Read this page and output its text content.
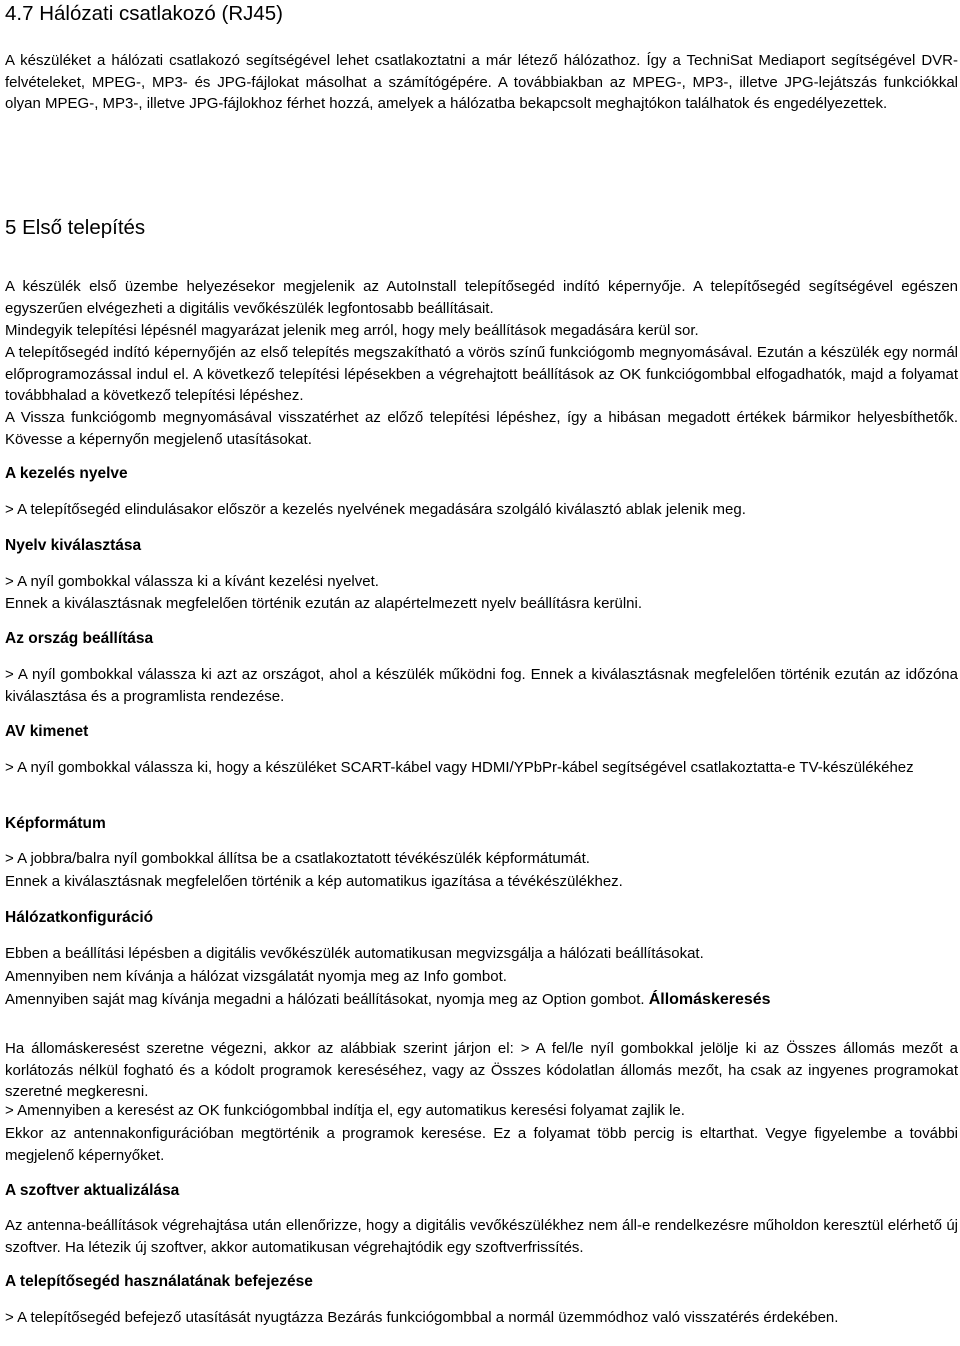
4.7 Hálózati csatlakozó (RJ45)

A készüléket a hálózati csatlakozó segítségével lehet csatlakoztatni a már létező hálózathoz. Így a TechniSat Mediaport segítségével DVR-felvételeket, MPEG-, MP3- és JPG-fájlokat másolhat a számítógépére. A továbbiakban az MPEG-, MP3-, illetve JPG-lejátszás funkciókkal olyan MPEG-, MP3-, illetve JPG-fájlokhoz férhet hozzá, amelyek a hálózatba bekapcsolt meghajtókon találhatok és engedélyezettek.

5 Első telepítés

A készülék első üzembe helyezésekor megjelenik az AutoInstall telepítősegéd indító képernyője. A telepítősegéd segítségével egészen egyszerűen elvégezheti a digitális vevőkészülék legfontosabb beállításait.

Mindegyik telepítési lépésnél magyarázat jelenik meg arról, hogy mely beállítások megadására kerül sor.

A telepítősegéd indító képernyőjén az első telepítés megszakítható a vörös színű funkciógomb megnyomásával. Ezután a készülék egy normál előprogramozással indul el. A következő telepítési lépésekben a végrehajtott beállítások az OK funkciógombbal elfogadhatók, majd a folyamat továbbhalad a következő telepítési lépéshez.

A Vissza funkciógomb megnyomásával visszatérhet az előző telepítési lépéshez, így a hibásan megadott értékek bármikor helyesbíthetők. Kövesse a képernyőn megjelenő utasításokat.

A kezelés nyelve

> A telepítősegéd elindulásakor először a kezelés nyelvének megadására szolgáló kiválasztó ablak jelenik meg.

Nyelv kiválasztása

> A nyíl gombokkal válassza ki a kívánt kezelési nyelvet.

Ennek a kiválasztásnak megfelelően történik ezután az alapértelmezett nyelv beállításra kerülni.

Az ország beállítása

> A nyíl gombokkal válassza ki azt az országot, ahol a készülék működni fog. Ennek a kiválasztásnak megfelelően történik ezután az időzóna kiválasztása és a programlista rendezése.

AV kimenet

> A nyíl gombokkal válassza ki, hogy a készüléket SCART-kábel vagy HDMI/YPbPr-kábel segítségével csatlakoztatta-e TV-készülékéhez

Képformátum

> A jobbra/balra nyíl gombokkal állítsa be a csatlakoztatott tévékészülék képformátumát.

Ennek a kiválasztásnak megfelelően történik a kép automatikus igazítása a tévékészülékhez.

Hálózatkonfiguráció

Ebben a beállítási lépésben a digitális vevőkészülék automatikusan megvizsgálja a hálózati beállításokat.

Amennyiben nem kívánja a hálózat vizsgálatát nyomja meg az Info gombot.

Amennyiben saját mag kívánja megadni a hálózati beállításokat, nyomja meg az Option gombot. Állomáskeresés

Ha állomáskeresést szeretne végezni, akkor az alábbiak szerint járjon el: > A fel/le nyíl gombokkal jelölje ki az Összes állomás mezőt a korlátozás nélkül fogható és a kódolt programok kereséséhez, vagy az Összes kódolatlan állomás mezőt, ha csak az ingyenes programokat szeretné megkeresni.

> Amennyiben a keresést az OK funkciógombbal indítja el, egy automatikus keresési folyamat zajlik le.

Ekkor az antennakonfigurációban megtörténik a programok keresése. Ez a folyamat több percig is eltarthat. Vegye figyelembe a további megjelenő képernyőket.

A szoftver aktualizálása

Az antenna-beállítások végrehajtása után ellenőrizze, hogy a digitális vevőkészülékhez nem áll-e rendelkezésre műholdon keresztül elérhető új szoftver. Ha létezik új szoftver, akkor automatikusan végrehajtódik egy szoftverfrissítés.

A telepítősegéd használatának befejezése

> A telepítősegéd befejező utasítását nyugtázza Bezárás funkciógombbal a normál üzemmódhoz való visszatérés érdekében.
